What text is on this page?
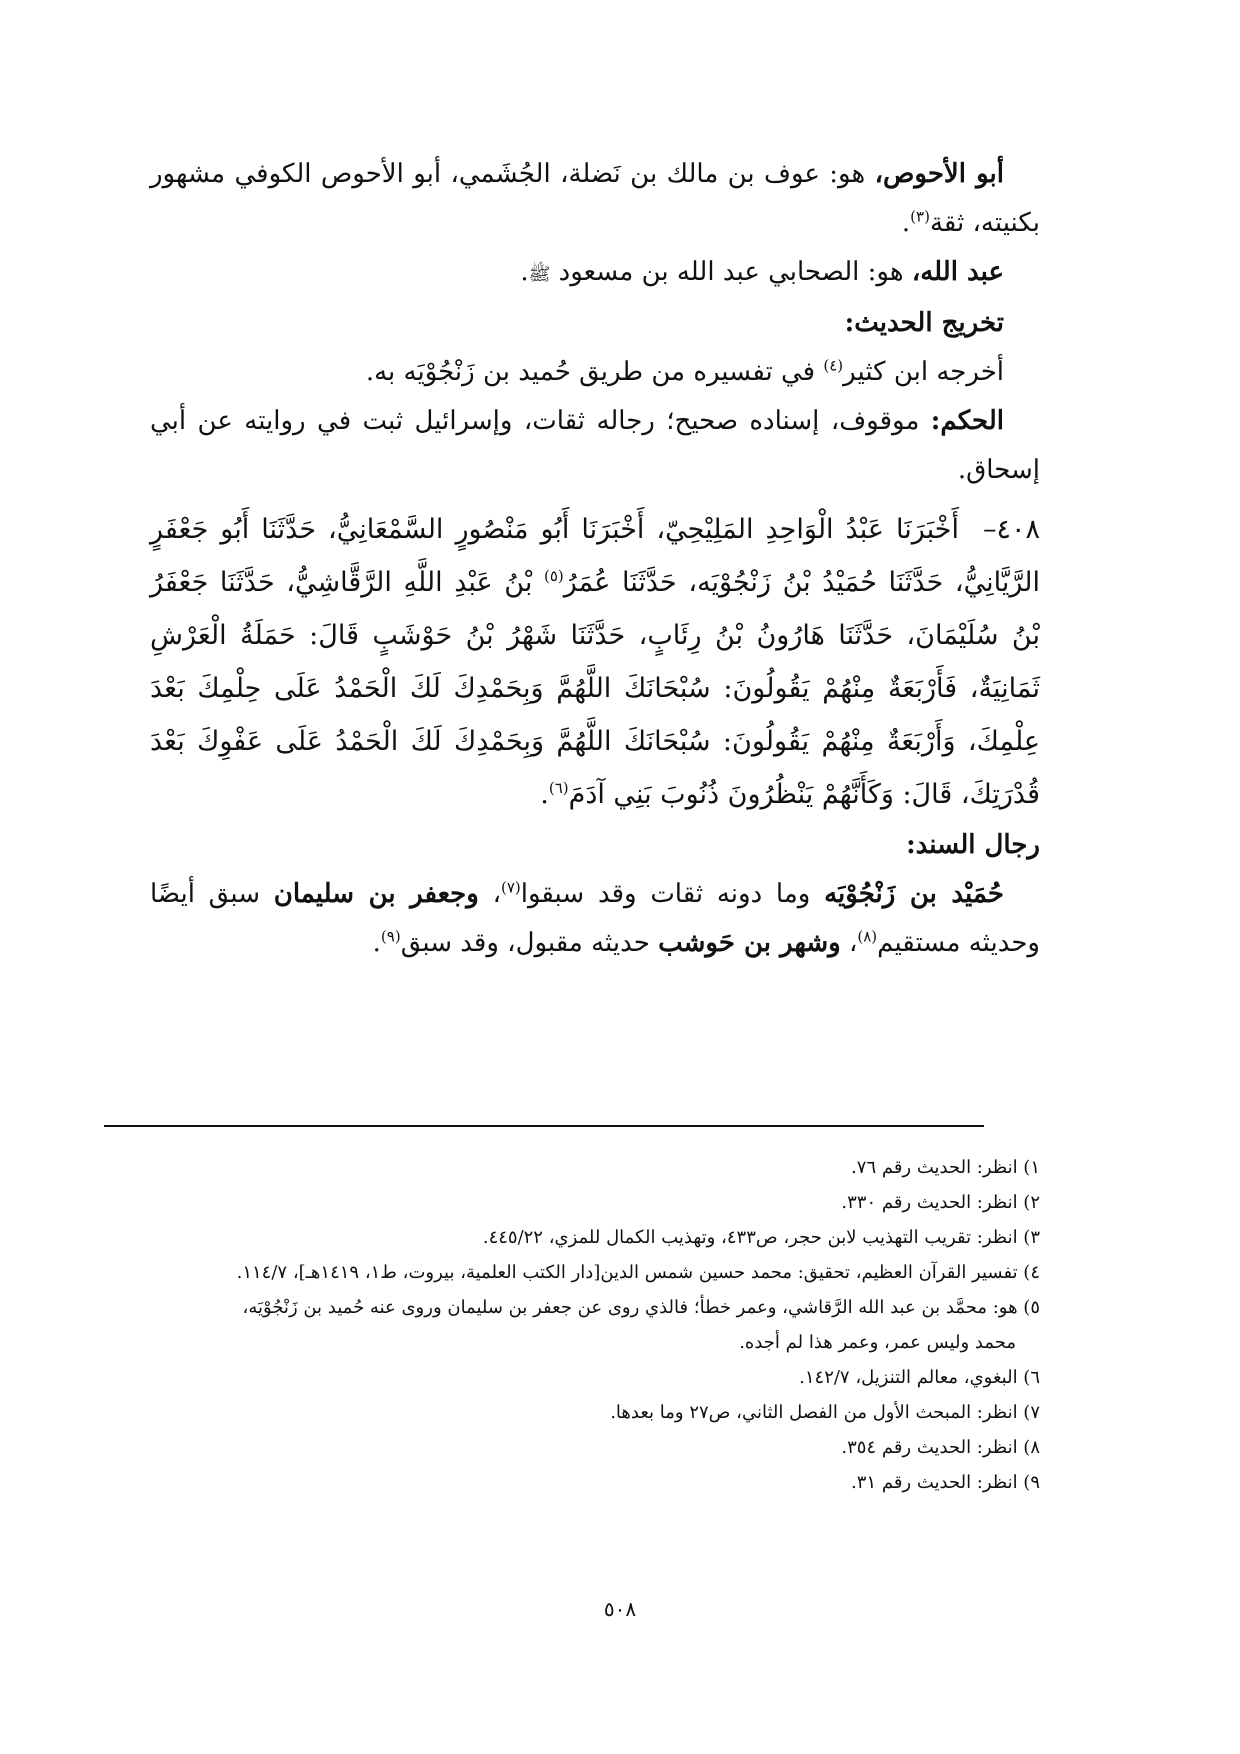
أبو الأحوص، هو: عوف بن مالك بن نَضلة، الجُشَمي، أبو الأحوص الكوفي مشهور بكنيته، ثقة$^{(٣)}$.

عبد الله، هو: الصحابي عبد الله بن مسعود ﷺ.

تخريج الحديث:

أخرجه ابن كثير$^{(٤)}$ في تفسيره من طريق حُميد بن زَنْجُوْيَه به.

الحكم: موقوف، إسناده صحيح؛ رجاله ثقات، وإسرائيل ثبت في روايته عن أبي إسحاق.

٤٠٨–أَخْبَرَنَا عَبْدُ الْوَاحِدِ المَلِيْحِيّ، أَخْبَرَنَا أَبُو مَنْصُورٍ السَّمْعَانِيُّ، حَدَّثَنَا أَبُو جَعْفَرٍ الرَّيَّانِيُّ، حَدَّثَنَا حُمَيْدُ بْنُ زَنْجُوْيَه، حَدَّثَنَا عُمَرُ$^{(٥)}$ بْنُ عَبْدِ اللَّهِ الرَّقَّاشِيُّ، حَدَّثَنَا جَعْفَرُ بْنُ سُلَيْمَانَ، حَدَّثَنَا هَارُونُ بْنُ رِئَابٍ، حَدَّثَنَا شَهْرُ بْنُ حَوْشَبٍ قَالَ: حَمَلَةُ الْعَرْشِ ثَمَانِيَةٌ، فَأَرْبَعَةٌ مِنْهُمْ يَقُولُونَ: سُبْحَانَكَ اللَّهُمَّ وَبِحَمْدِكَ لَكَ الْحَمْدُ عَلَى حِلْمِكَ بَعْدَ عِلْمِكَ، وَأَرْبَعَةٌ مِنْهُمْ يَقُولُونَ: سُبْحَانَكَ اللَّهُمَّ وَبِحَمْدِكَ لَكَ الْحَمْدُ عَلَى عَفْوِكَ بَعْدَ قُدْرَتِكَ، قَالَ: وَكَأَنَّهُمْ يَنْظُرُونَ ذُنُوبَ بَنِي آدَمَ$^{(٦)}$.

رجال السند:

حُمَيْد بن زَنْجُوْيَه وما دونه ثقات وقد سبقوا$^{(٧)}$، وجعفر بن سليمان سبق أيضًا وحديثه مستقيم$^{(٨)}$، وشهر بن حَوشب حديثه مقبول، وقد سبق$^{(٩)}$.

١) انظر: الحديث رقم ٧٦.

٢) انظر: الحديث رقم ٣٣٠.

٣) انظر: تقريب التهذيب لابن حجر، ص٤٣٣، وتهذيب الكمال للمزي، ٤٤٥/٢٢.

٤) تفسير القرآن العظيم، تحقيق: محمد حسين شمس الدين[دار الكتب العلمية، بيروت، ط١، ١٤١٩هـ]، ١١٤/٧.

٥) هو: محمَّد بن عبد الله الرَّقاشي، وعمر خطأ؛ فالذي روى عن جعفر بن سليمان وروى عنه حُميد بن زَنْجُوْيَه،
محمد وليس عمر، وعمر هذا لم أجده.

٦) البغوي، معالم التنزيل، ١٤٢/٧.

٧) انظر: المبحث الأول من الفصل الثاني، ص٢٧ وما بعدها.

٨) انظر: الحديث رقم ٣٥٤.

٩) انظر: الحديث رقم ٣١.

٥٠٨
